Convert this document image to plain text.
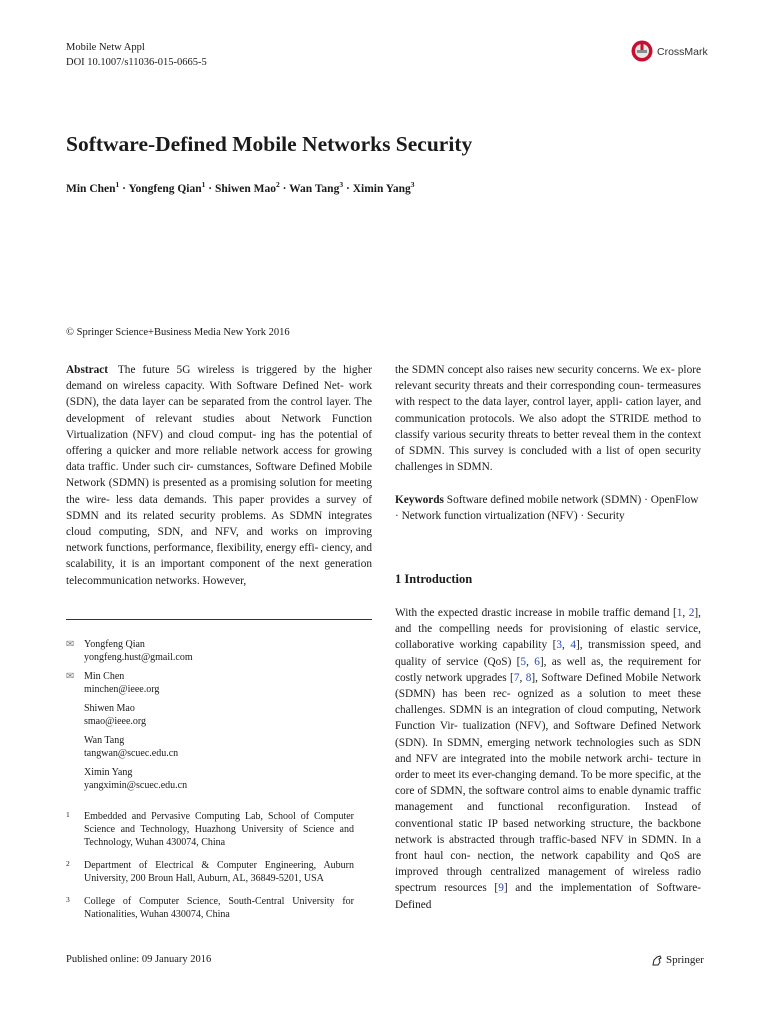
Mobile Netw Appl
DOI 10.1007/s11036-015-0665-5
CrossMark
Software-Defined Mobile Networks Security
Min Chen$^1$ · Yongfeng Qian$^1$ · Shiwen Mao$^2$ · Wan Tang$^3$ · Ximin Yang$^3$
© Springer Science+Business Media New York 2016
Abstract The future 5G wireless is triggered by the higher demand on wireless capacity. With Software Defined Net- work (SDN), the data layer can be separated from the control layer. The development of relevant studies about Network Function Virtualization (NFV) and cloud comput- ing has the potential of offering a quicker and more reliable network access for growing data traffic. Under such cir- cumstances, Software Defined Mobile Network (SDMN) is presented as a promising solution for meeting the wire- less data demands. This paper provides a survey of SDMN and its related security problems. As SDMN integrates cloud computing, SDN, and NFV, and works on improving network functions, performance, flexibility, energy effi- ciency, and scalability, it is an important component of the next generation telecommunication networks. However,
the SDMN concept also raises new security concerns. We ex- plore relevant security threats and their corresponding coun- termeasures with respect to the data layer, control layer, appli- cation layer, and communication protocols. We also adopt the STRIDE method to classify various security threats to better reveal them in the context of SDMN. This survey is concluded with a list of open security challenges in SDMN.
Keywords Software defined mobile network (SDMN) · OpenFlow · Network function virtualization (NFV) · Security
1 Introduction
With the expected drastic increase in mobile traffic demand [1, 2], and the compelling needs for provisioning of elastic service, collaborative working capability [3, 4], transmission speed, and quality of service (QoS) [5, 6], as well as, the requirement for costly network upgrades [7, 8], Software Defined Mobile Network (SDMN) has been rec- ognized as a solution to meet these challenges. SDMN is an integration of cloud computing, Network Function Vir- tualization (NFV), and Software Defined Network (SDN). In SDMN, emerging network technologies such as SDN and NFV are integrated into the mobile network archi- tecture in order to meet its ever-changing demand. To be more specific, at the core of SDMN, the software control aims to enable dynamic traffic management and functional reconfiguration. Instead of conventional static IP based networking structure, the backbone network is abstracted through traffic-based NFV in SDMN. In a front haul con- nection, the network capability and QoS are improved through centralized management of wireless radio spectrum resources [9] and the implementation of Software-Defined
✉ Yongfeng Qian
yongfeng.hust@gmail.com
✉ Min Chen
minchen@ieee.org
Shiwen Mao
smao@ieee.org
Wan Tang
tangwan@scuec.edu.cn
Ximin Yang
yangximin@scuec.edu.cn
1	Embedded and Pervasive Computing Lab, School of Computer Science and Technology, Huazhong University of Science and Technology, Wuhan 430074, China
2	Department of Electrical & Computer Engineering, Auburn University, 200 Broun Hall, Auburn, AL, 36849-5201, USA
3	College of Computer Science, South-Central University for Nationalities, Wuhan 430074, China
Published online: 09 January 2016	Springer
